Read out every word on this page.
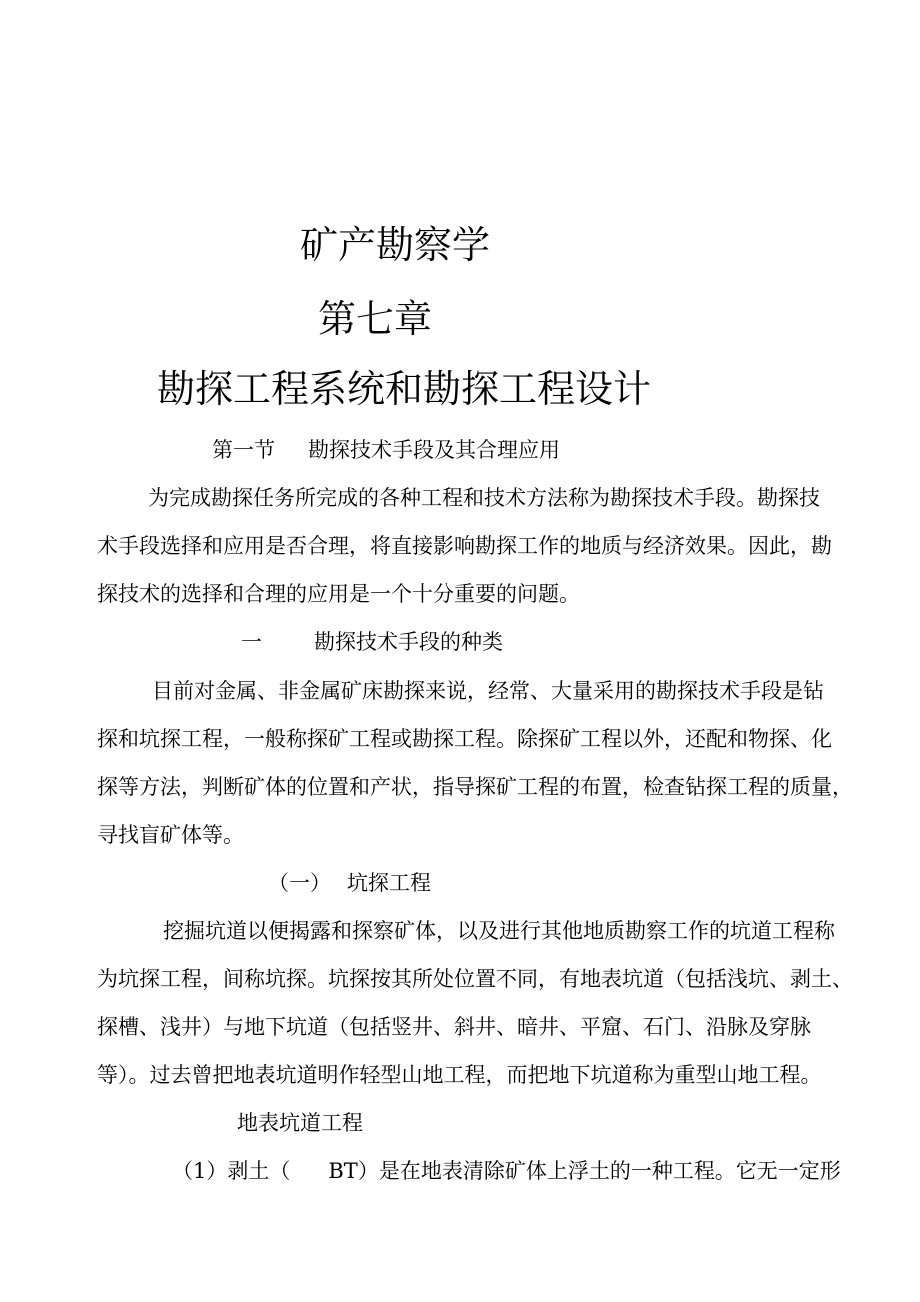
矿产勘察学
第七章
勘探工程系统和勘探工程设计
第一节 勘探技术手段及其合理应用
为完成勘探任务所完成的各种工程和技术方法称为勘探技术手段。勘探技
术手段选择和应用是否合理，将直接影响勘探工作的地质与经济效果。因此，勘
探技术的选择和合理的应用是一个十分重要的问题。
一 勘探技术手段的种类
目前对金属、非金属矿床勘探来说，经常、大量采用的勘探技术手段是钻
探和坑探工程，一般称探矿工程或勘探工程。除探矿工程以外，还配和物探、化
探等方法，判断矿体的位置和产状，指导探矿工程的布置，检查钻探工程的质量，
寻找盲矿体等。
（一） 坑探工程
挖掘坑道以便揭露和探察矿体，以及进行其他地质勘察工作的坑道工程称
为坑探工程，间称坑探。坑探按其所处位置不同，有地表坑道（包括浅坑、剥土、
探槽、浅井）与地下坑道（包括竖井、斜井、暗井、平窟、石门、沿脉及穿脉
等）。过去曾把地表坑道明作轻型山地工程，而把地下坑道称为重型山地工程。
地表坑道工程
（1）剥土（ BT）是在地表清除矿体上浮土的一种工程。它无一定形
